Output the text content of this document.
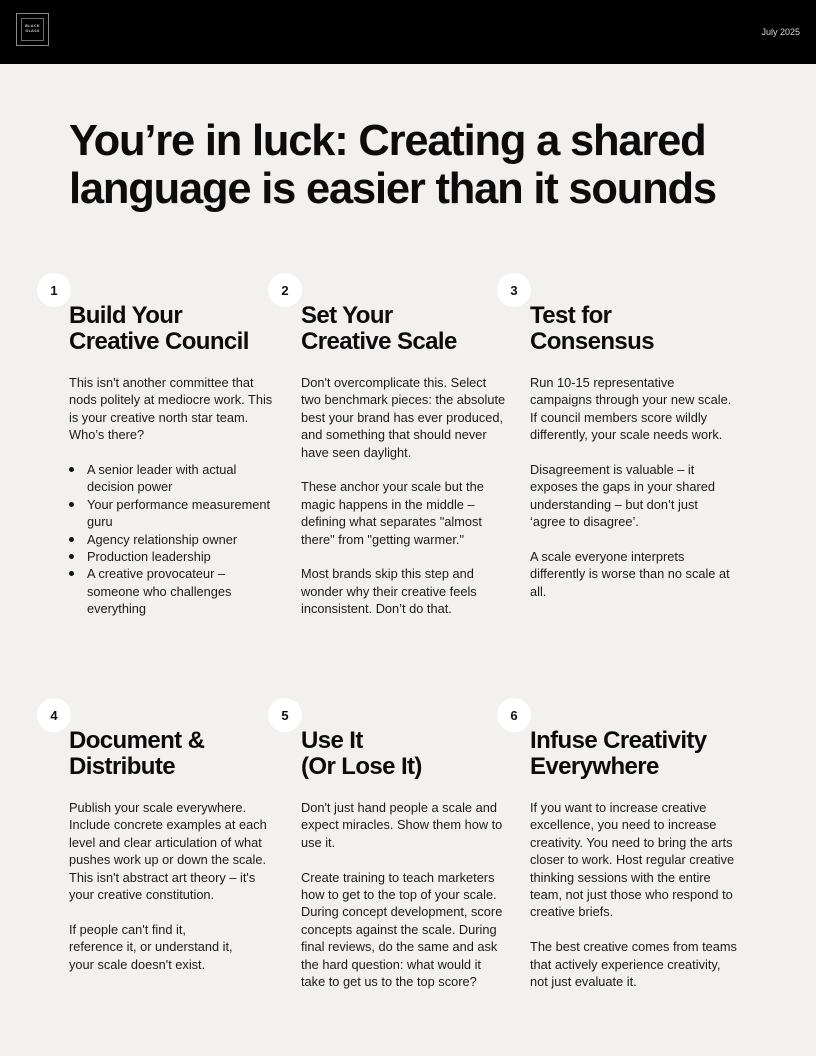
BLACK
GLASS	July 2025
You’re in luck: Creating a shared language is easier than it sounds
1
Build Your
Creative Council

This isn't another committee that nods politely at mediocre work. This is your creative north star team. Who’s there?

A senior leader with actual decision power
Your performance measurement guru
Agency relationship owner
Production leadership
A creative provocateur – someone who challenges everything
2
Set Your
Creative Scale

Don't overcomplicate this. Select two benchmark pieces: the absolute best your brand has ever produced, and something that should never have seen daylight.

These anchor your scale but the magic happens in the middle – defining what separates "almost there" from "getting warmer."

Most brands skip this step and wonder why their creative feels inconsistent. Don’t do that.

3
Test for
Consensus

Run 10-15 representative campaigns through your new scale. If council members score wildly differently, your scale needs work.

Disagreement is valuable – it exposes the gaps in your shared understanding – but don’t just ‘agree to disagree’.

A scale everyone interprets differently is worse than no scale at all.

4
Document &
Distribute

Publish your scale everywhere. Include concrete examples at each level and clear articulation of what pushes work up or down the scale. This isn't abstract art theory – it's your creative constitution.

If people can't find it,
reference it, or understand it,
your scale doesn't exist.

5
Use It
(Or Lose It)

Don't just hand people a scale and expect miracles. Show them how to use it.

Create training to teach marketers how to get to the top of your scale. During concept development, score concepts against the scale. During final reviews, do the same and ask the hard question: what would it take to get us to the top score?

6
Infuse Creativity
Everywhere

If you want to increase creative excellence, you need to increase creativity. You need to bring the arts closer to work. Host regular creative thinking sessions with the entire team, not just those who respond to creative briefs.

The best creative comes from teams that actively experience creativity, not just evaluate it.
